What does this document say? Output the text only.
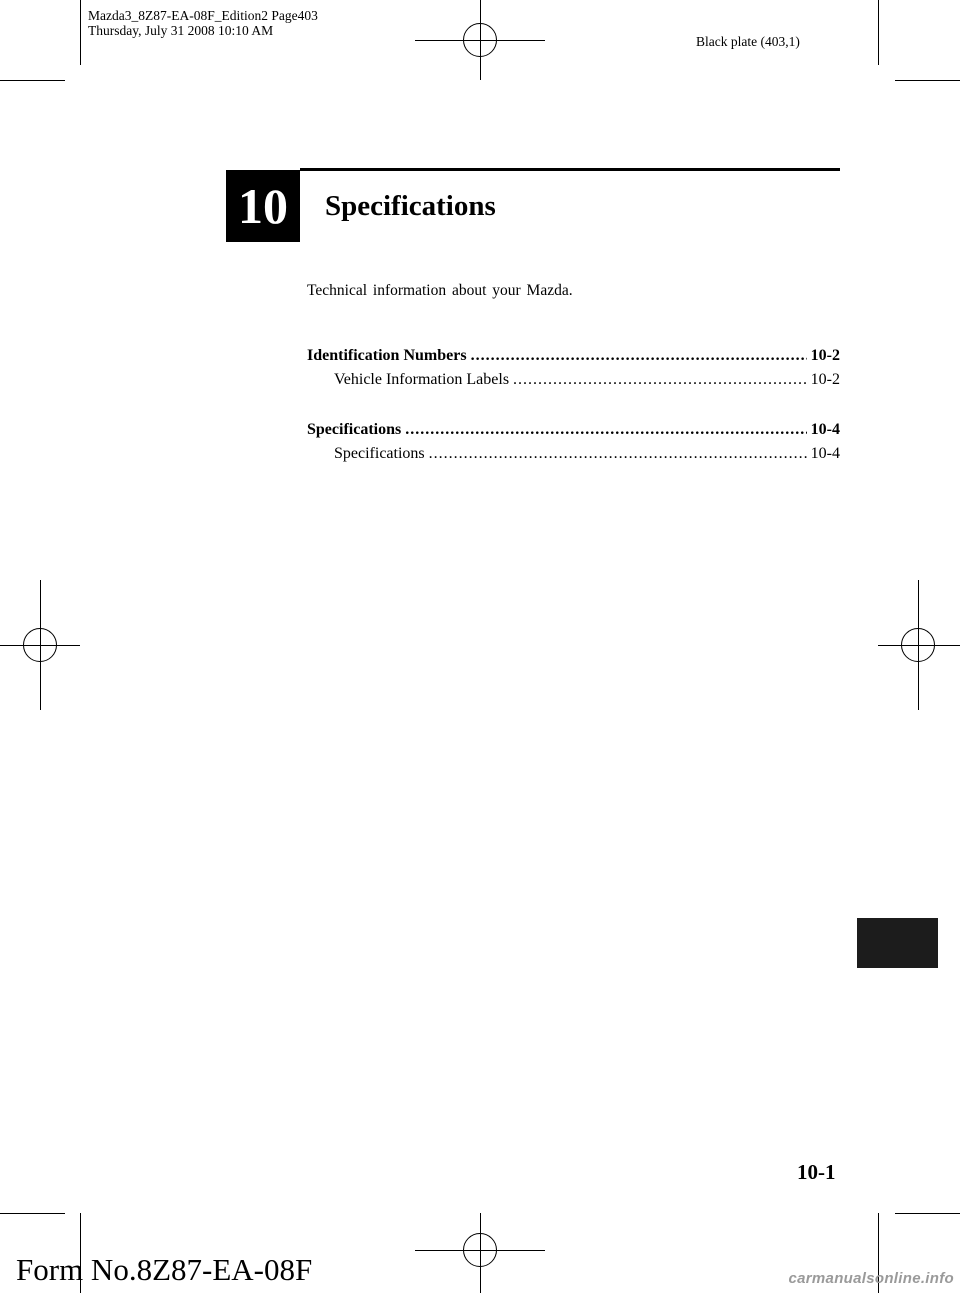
Mazda3_8Z87-EA-08F_Edition2 Page403
Thursday, July 31 2008 10:10 AM
Black plate (403,1)
10	Specifications
Technical information about your Mazda.
Identification Numbers .....	10-2
Vehicle Information Labels .....	10-2
Specifications .....	10-4
Specifications .....	10-4
10-1
Form No.8Z87-EA-08F	carmanualsonline.info
